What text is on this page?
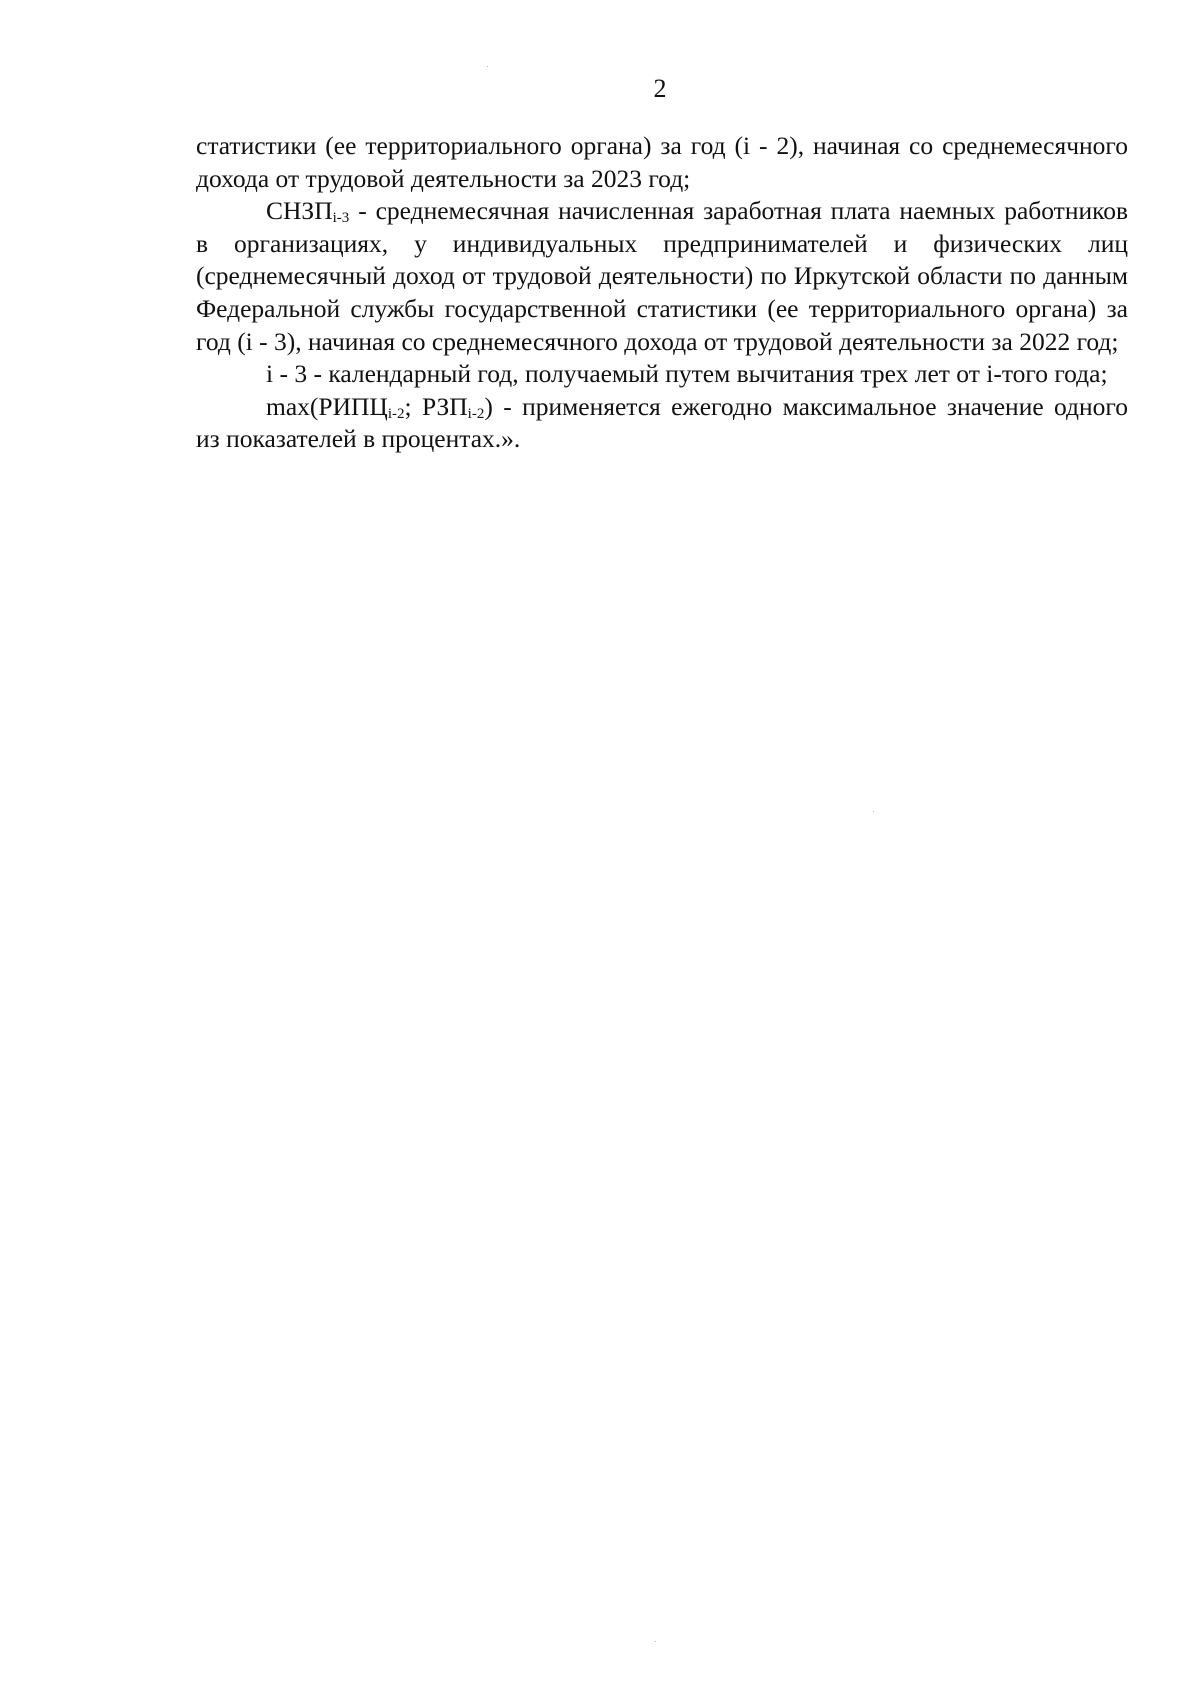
2

статистики (ее территориального органа) за год (i - 2), начиная со среднемесячного дохода от трудовой деятельности за 2023 год;

$СНЗП_{i-3}$ - среднемесячная начисленная заработная плата наемных работников в организациях, у индивидуальных предпринимателей и физических лиц (среднемесячный доход от трудовой деятельности) по Иркутской области по данным Федеральной службы государственной статистики (ее территориального органа) за год (i - 3), начиная со среднемесячного дохода от трудовой деятельности за 2022 год;

i - 3 - календарный год, получаемый путем вычитания трех лет от i-того года;

$\max(РИПЦ_{i-2}$; $РЗП_{i-2}$) - применяется ежегодно максимальное значение одного из показателей в процентах.».
